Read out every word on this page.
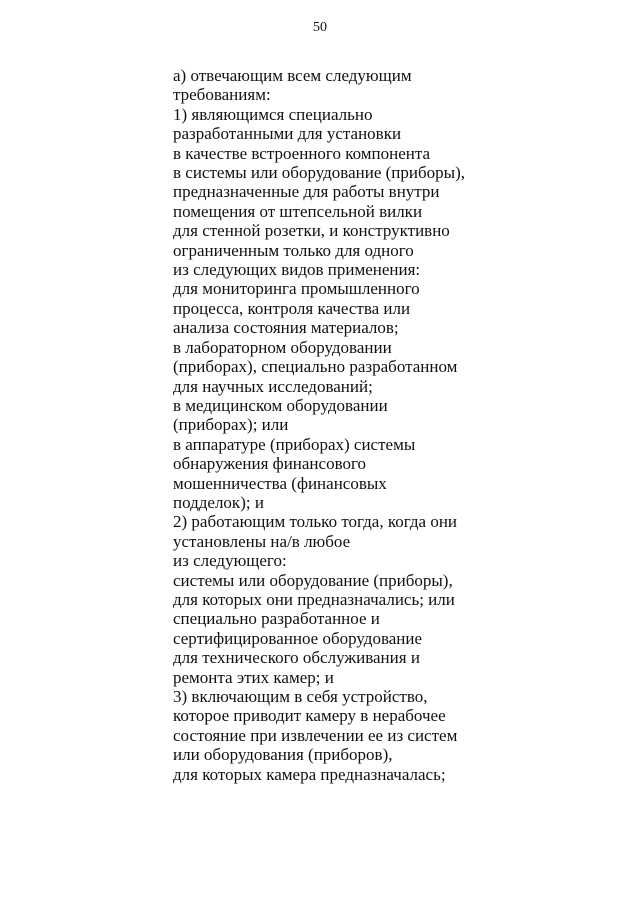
50
а) отвечающим всем следующим
требованиям:
1) являющимся специально
разработанными для установки
в качестве встроенного компонента
в системы или оборудование (приборы),
предназначенные для работы внутри
помещения от штепсельной вилки
для стенной розетки, и конструктивно
ограниченным только для одного
из следующих видов применения:
для мониторинга промышленного
процесса, контроля качества или
анализа состояния материалов;
в лабораторном оборудовании
(приборах), специально разработанном
для научных исследований;
в медицинском оборудовании
(приборах); или
в аппаратуре (приборах) системы
обнаружения финансового
мошенничества (финансовых
подделок); и
2) работающим только тогда, когда они
установлены на/в любое
из следующего:
системы или оборудование (приборы),
для которых они предназначались; или
специально разработанное и
сертифицированное оборудование
для технического обслуживания и
ремонта этих камер; и
3) включающим в себя устройство,
которое приводит камеру в нерабочее
состояние при извлечении ее из систем
или оборудования (приборов),
для которых камера предназначалась;
